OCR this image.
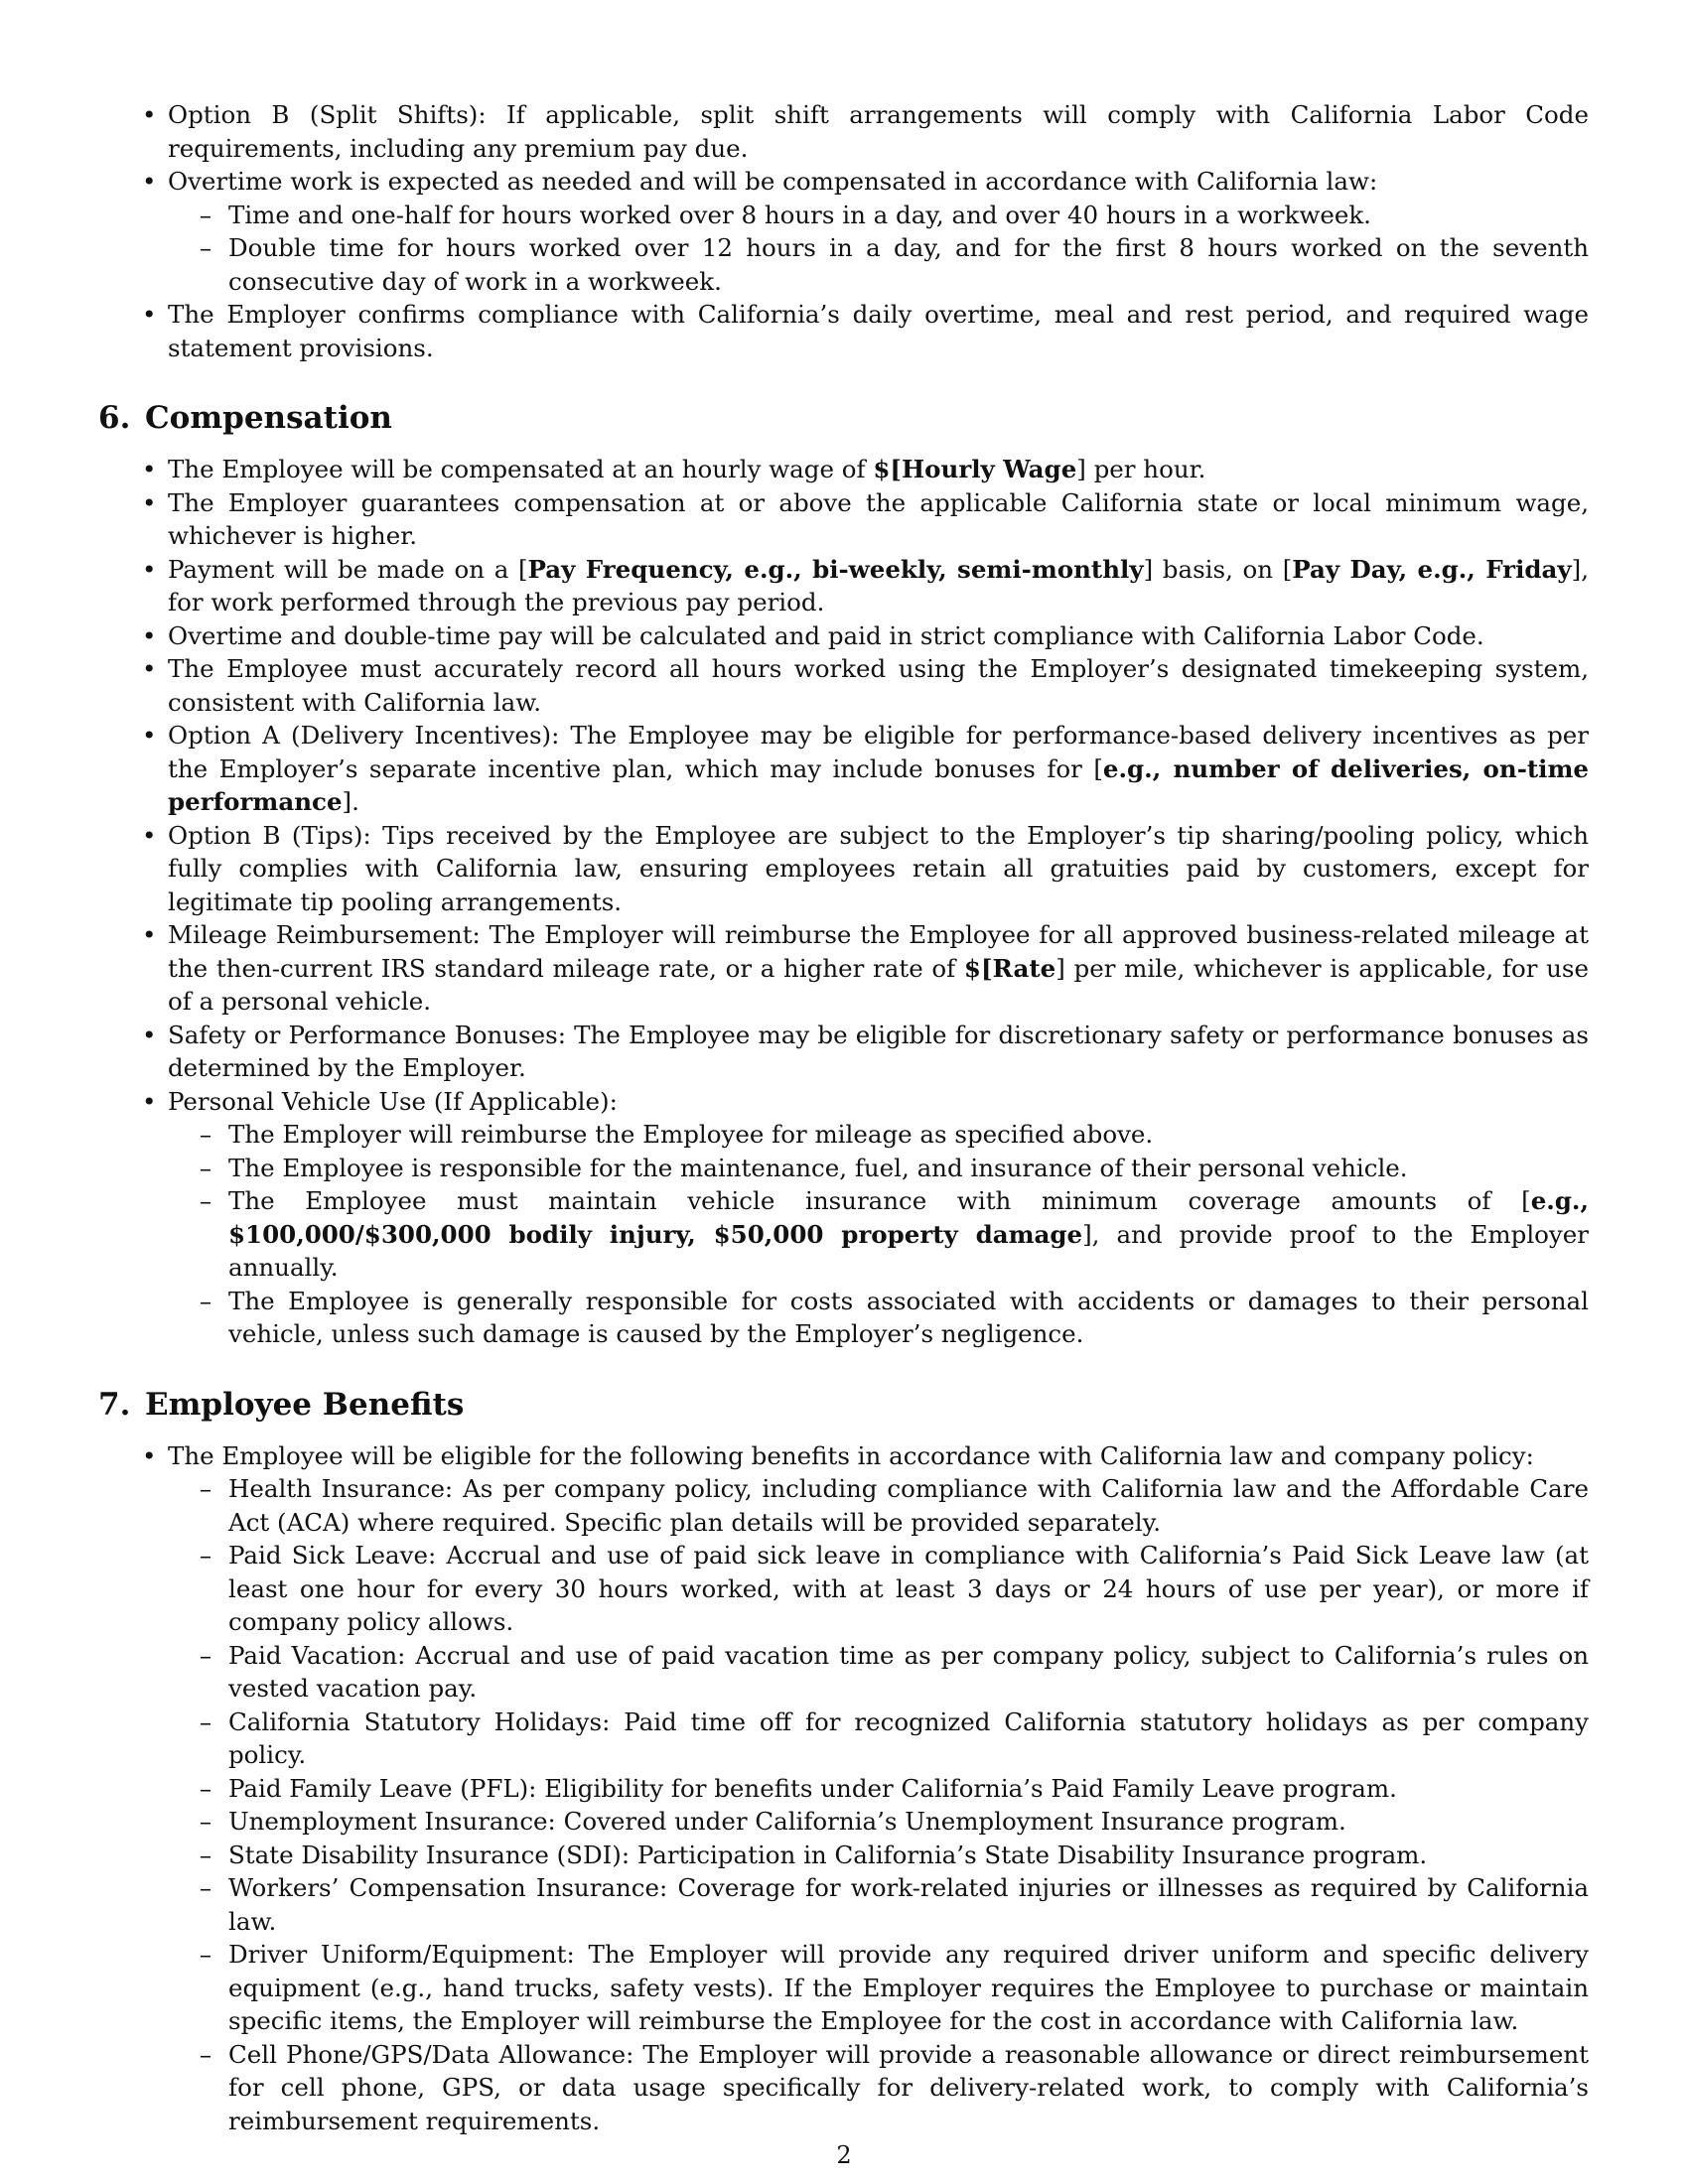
• Option B (Split Shifts): If applicable, split shift arrangements will comply with California Labor Code requirements, including any premium pay due.
• Overtime work is expected as needed and will be compensated in accordance with California law:
– Time and one-half for hours worked over 8 hours in a day, and over 40 hours in a workweek.
– Double time for hours worked over 12 hours in a day, and for the first 8 hours worked on the seventh consecutive day of work in a workweek.
• The Employer confirms compliance with California’s daily overtime, meal and rest period, and required wage statement provisions.
6. Compensation
• The Employee will be compensated at an hourly wage of $[Hourly Wage] per hour.
• The Employer guarantees compensation at or above the applicable California state or local minimum wage, whichever is higher.
• Payment will be made on a [Pay Frequency, e.g., bi-weekly, semi-monthly] basis, on [Pay Day, e.g., Friday], for work performed through the previous pay period.
• Overtime and double-time pay will be calculated and paid in strict compliance with California Labor Code.
• The Employee must accurately record all hours worked using the Employer’s designated timekeeping system, consistent with California law.
• Option A (Delivery Incentives): The Employee may be eligible for performance-based delivery incentives as per the Employer’s separate incentive plan, which may include bonuses for [e.g., number of deliveries, on-time performance].
• Option B (Tips): Tips received by the Employee are subject to the Employer’s tip sharing/pooling policy, which fully complies with California law, ensuring employees retain all gratuities paid by customers, except for legitimate tip pooling arrangements.
• Mileage Reimbursement: The Employer will reimburse the Employee for all approved business-related mileage at the then-current IRS standard mileage rate, or a higher rate of $[Rate] per mile, whichever is applicable, for use of a personal vehicle.
• Safety or Performance Bonuses: The Employee may be eligible for discretionary safety or performance bonuses as determined by the Employer.
• Personal Vehicle Use (If Applicable):
– The Employer will reimburse the Employee for mileage as specified above.
– The Employee is responsible for the maintenance, fuel, and insurance of their personal vehicle.
– The Employee must maintain vehicle insurance with minimum coverage amounts of [e.g., $100,000/$300,000 bodily injury, $50,000 property damage], and provide proof to the Employer annually.
– The Employee is generally responsible for costs associated with accidents or damages to their personal vehicle, unless such damage is caused by the Employer’s negligence.
7. Employee Benefits
• The Employee will be eligible for the following benefits in accordance with California law and company policy:
– Health Insurance: As per company policy, including compliance with California law and the Affordable Care Act (ACA) where required. Specific plan details will be provided separately.
– Paid Sick Leave: Accrual and use of paid sick leave in compliance with California’s Paid Sick Leave law (at least one hour for every 30 hours worked, with at least 3 days or 24 hours of use per year), or more if company policy allows.
– Paid Vacation: Accrual and use of paid vacation time as per company policy, subject to California’s rules on vested vacation pay.
– California Statutory Holidays: Paid time off for recognized California statutory holidays as per company policy.
– Paid Family Leave (PFL): Eligibility for benefits under California’s Paid Family Leave program.
– Unemployment Insurance: Covered under California’s Unemployment Insurance program.
– State Disability Insurance (SDI): Participation in California’s State Disability Insurance program.
– Workers’ Compensation Insurance: Coverage for work-related injuries or illnesses as required by California law.
– Driver Uniform/Equipment: The Employer will provide any required driver uniform and specific delivery equipment (e.g., hand trucks, safety vests). If the Employer requires the Employee to purchase or maintain specific items, the Employer will reimburse the Employee for the cost in accordance with California law.
– Cell Phone/GPS/Data Allowance: The Employer will provide a reasonable allowance or direct reimbursement for cell phone, GPS, or data usage specifically for delivery-related work, to comply with California’s reimbursement requirements.
2
